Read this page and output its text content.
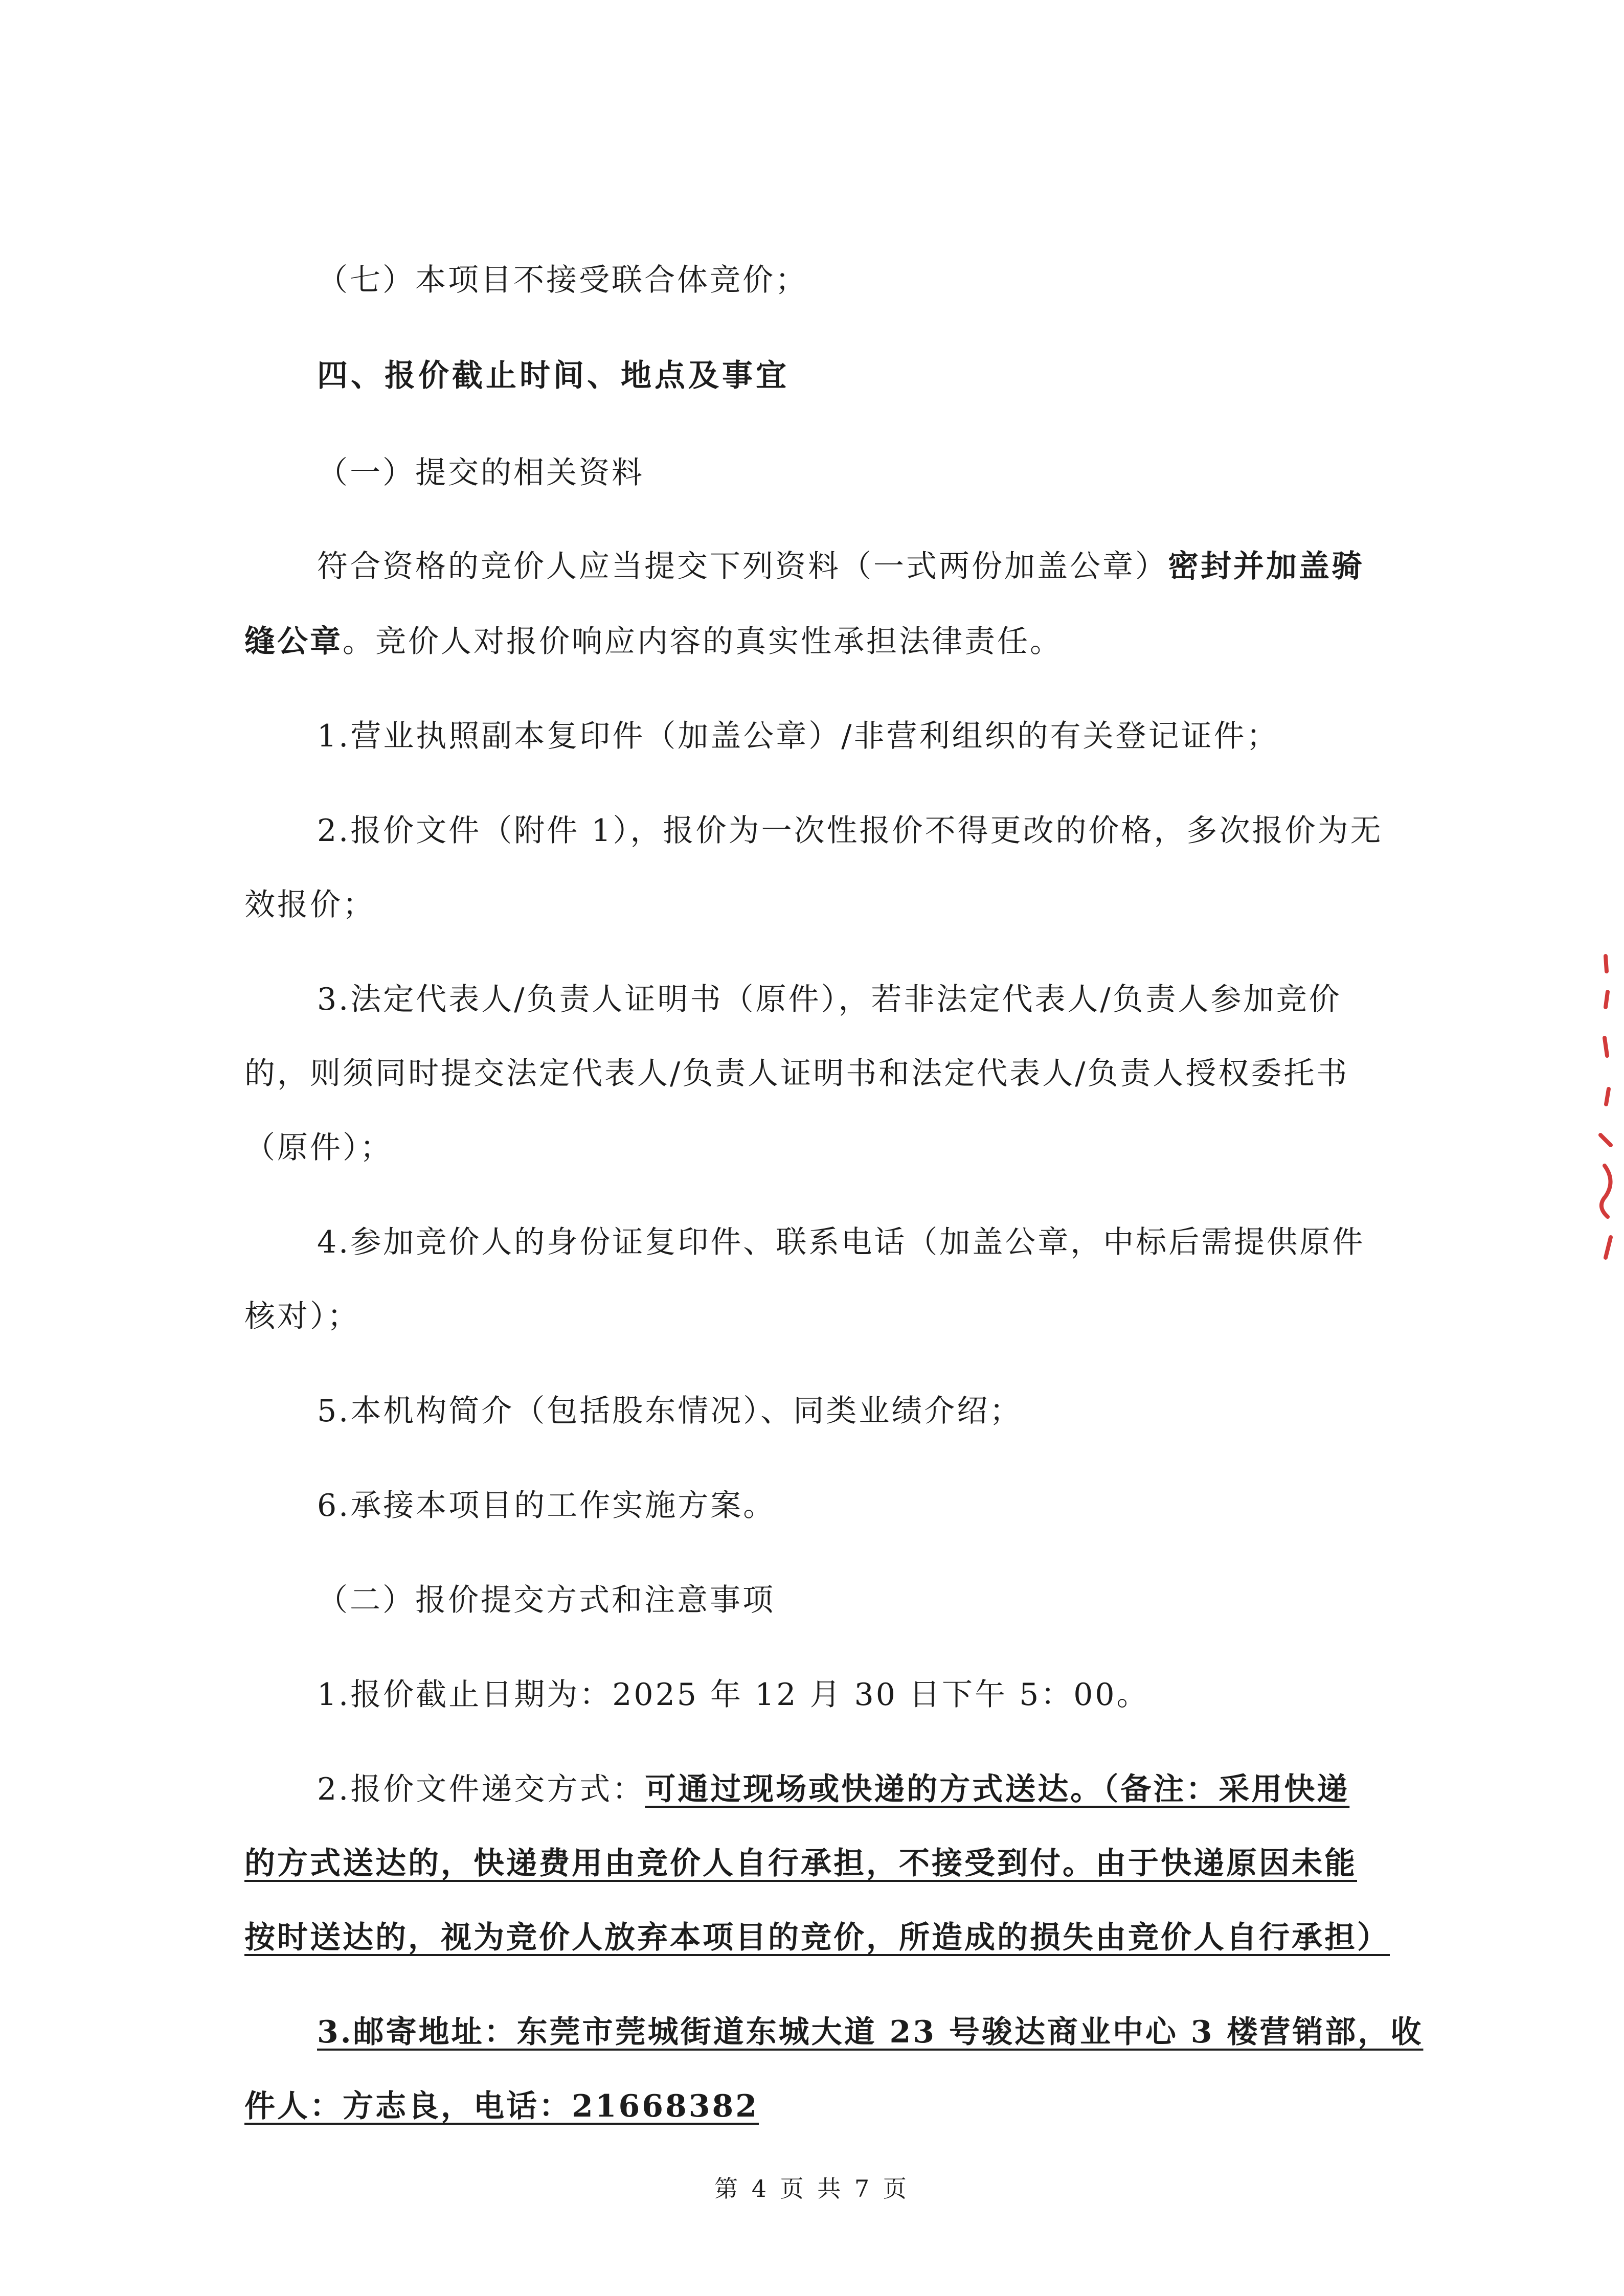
（七）本项目不接受联合体竞价；
四、报价截止时间、地点及事宜
（一）提交的相关资料
符合资格的竞价人应当提交下列资料（一式两份加盖公章）密封并加盖骑
缝公章。竞价人对报价响应内容的真实性承担法律责任。
1.营业执照副本复印件（加盖公章）/非营利组织的有关登记证件；
2.报价文件（附件 1），报价为一次性报价不得更改的价格，多次报价为无
效报价；
3.法定代表人/负责人证明书（原件），若非法定代表人/负责人参加竞价
的，则须同时提交法定代表人/负责人证明书和法定代表人/负责人授权委托书
（原件）；
4.参加竞价人的身份证复印件、联系电话（加盖公章，中标后需提供原件
核对）；
5.本机构简介（包括股东情况）、同类业绩介绍；
6.承接本项目的工作实施方案。
（二）报价提交方式和注意事项
1.报价截止日期为：2025 年 12 月 30 日下午 5：00。
2.报价文件递交方式：可通过现场或快递的方式送达。（备注：采用快递
的方式送达的，快递费用由竞价人自行承担，不接受到付。由于快递原因未能
按时送达的，视为竞价人放弃本项目的竞价，所造成的损失由竞价人自行承担）
3.邮寄地址：东莞市莞城街道东城大道 23 号骏达商业中心 3 楼营销部，收
件人：方志良，电话：21668382
第 4 页 共 7 页
